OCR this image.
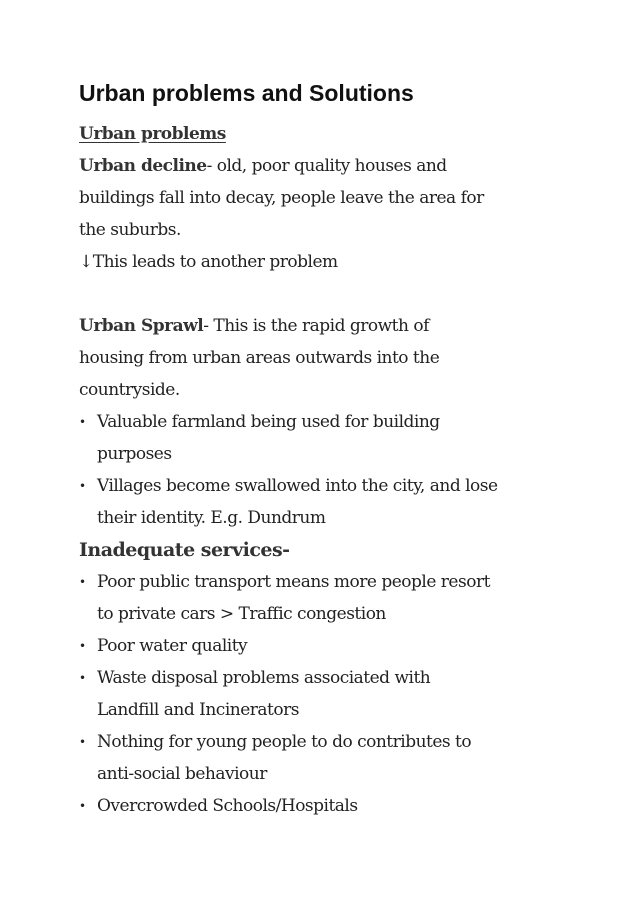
Urban problems and Solutions
Urban problems
Urban decline- old, poor quality houses and
buildings fall into decay, people leave the area for
the suburbs.
↓This leads to another problem
Urban Sprawl- This is the rapid growth of
housing from urban areas outwards into the
countryside.
• Valuable farmland being used for building
purposes
• Villages become swallowed into the city, and lose
their identity. E.g. Dundrum
Inadequate services-
• Poor public transport means more people resort
to private cars > Traffic congestion
• Poor water quality
• Waste disposal problems associated with
Landfill and Incinerators
• Nothing for young people to do contributes to
anti-social behaviour
• Overcrowded Schools/Hospitals
